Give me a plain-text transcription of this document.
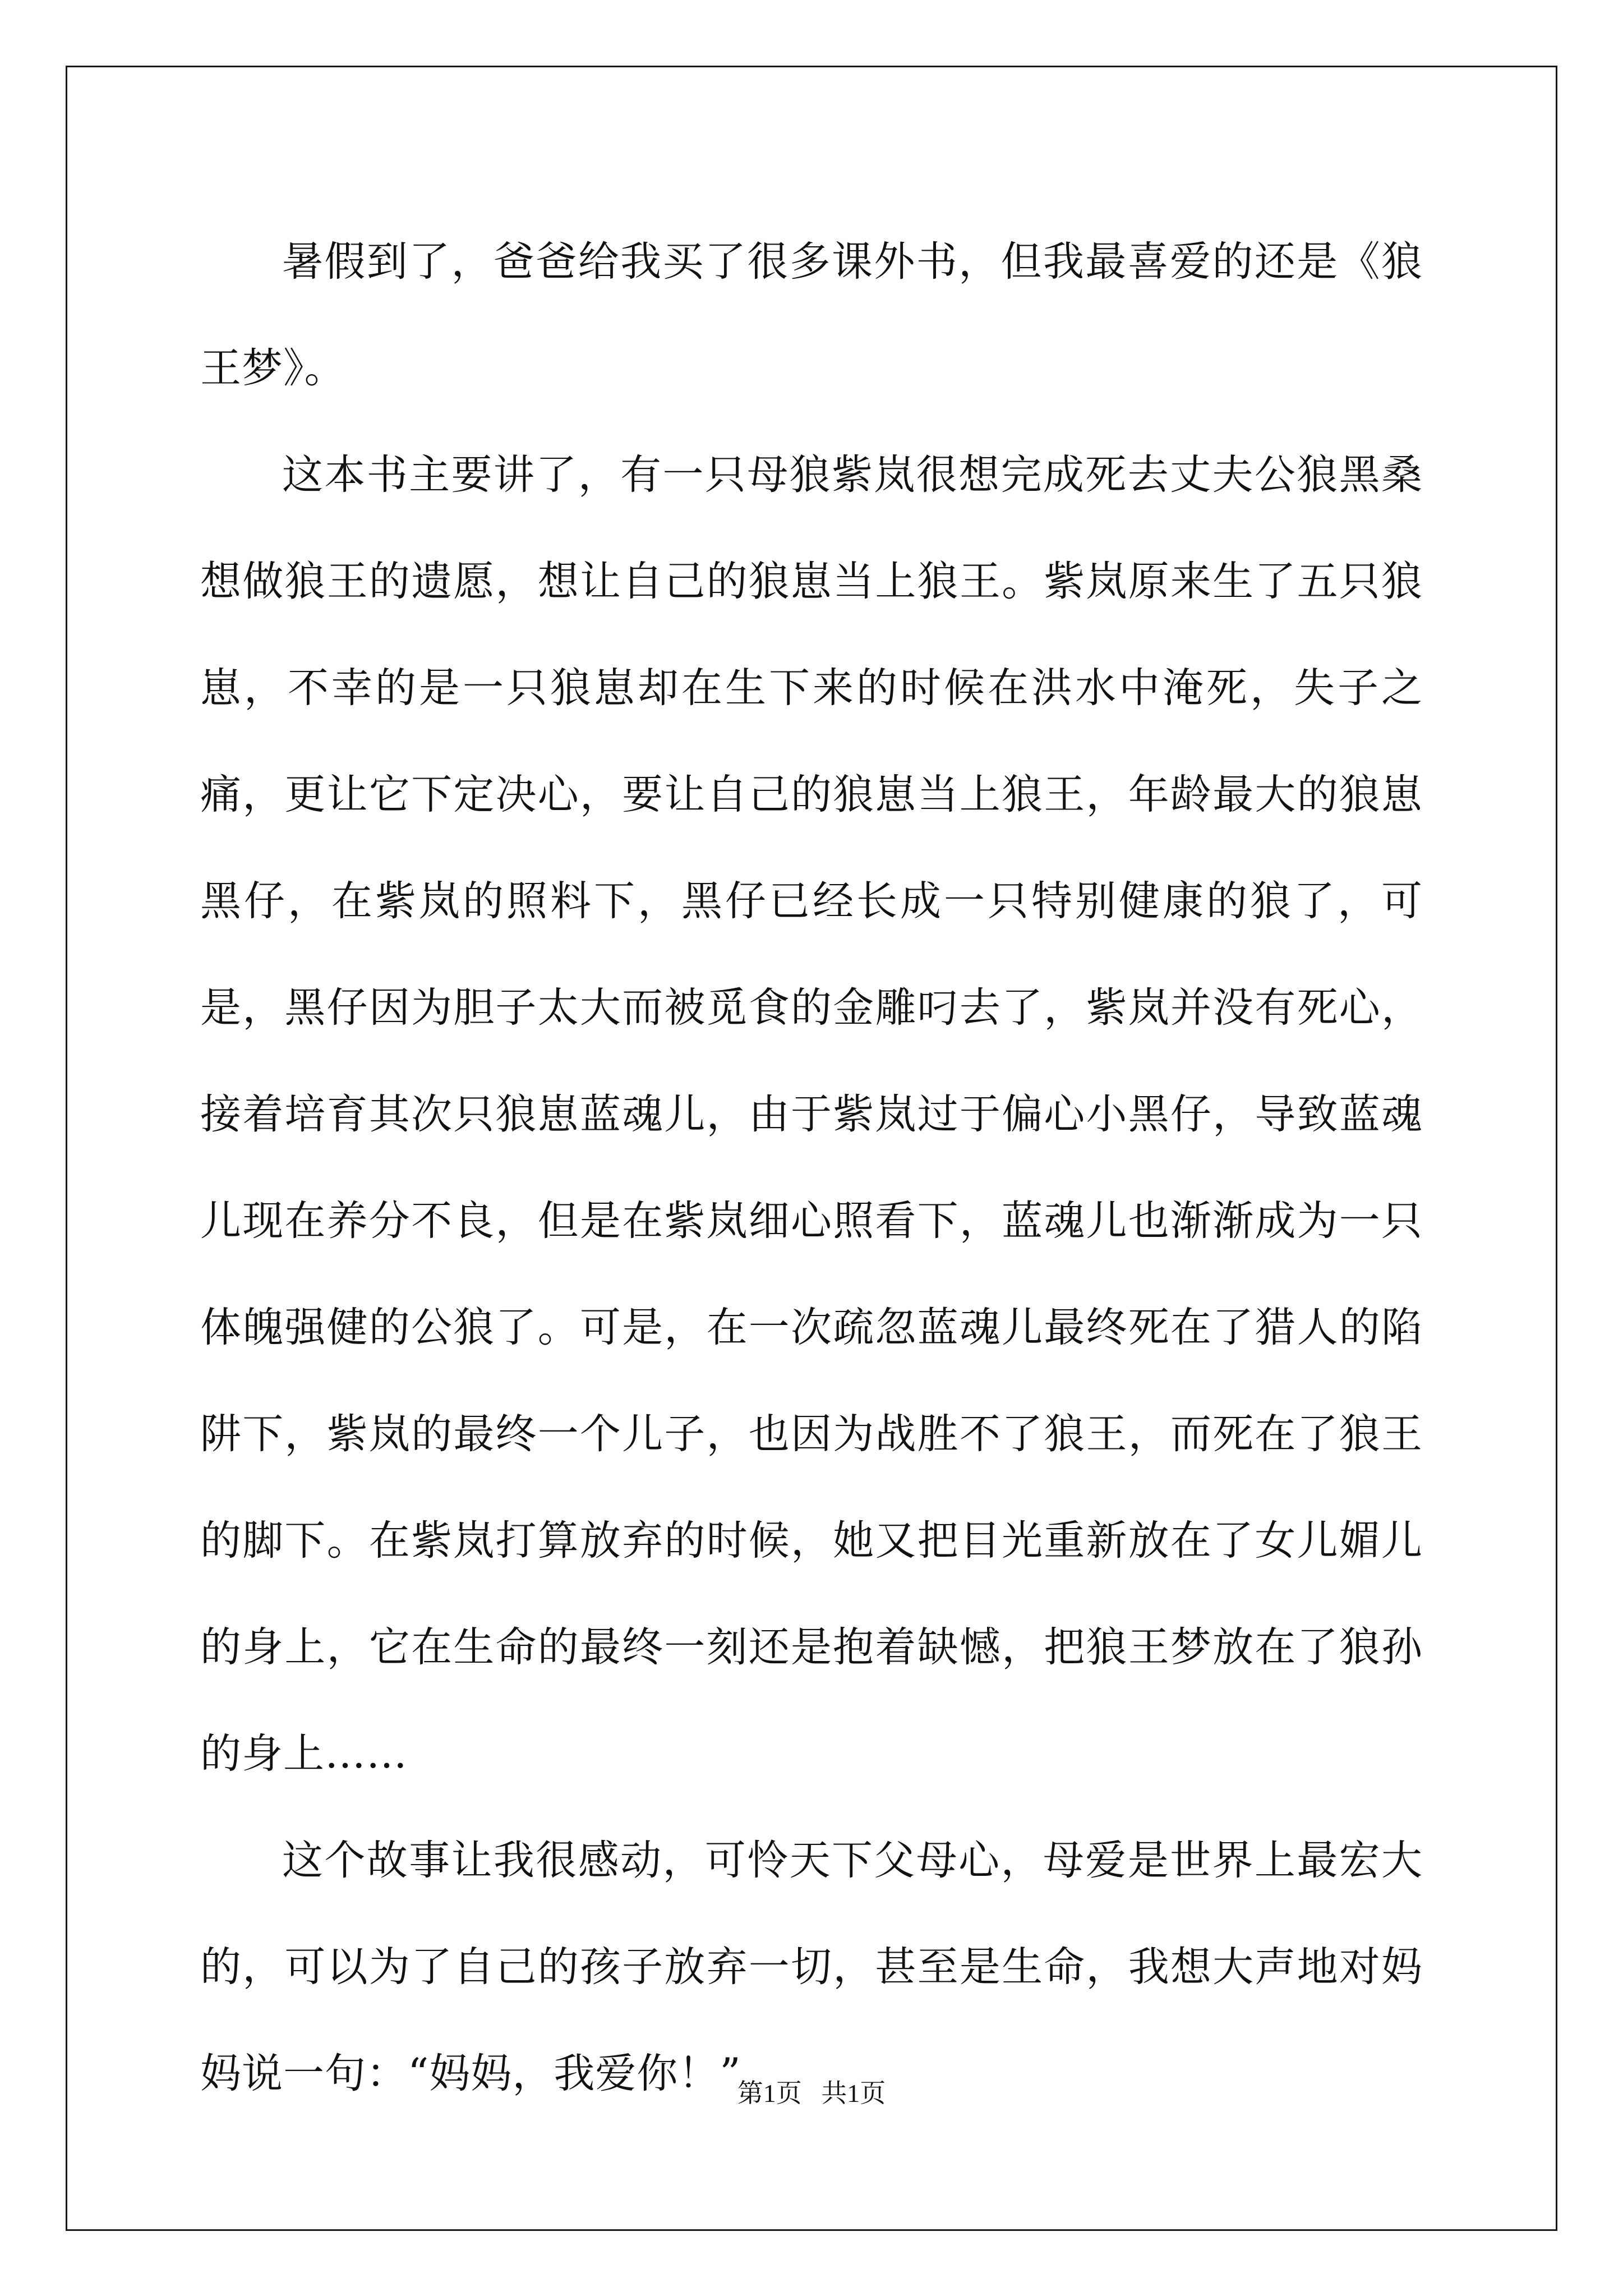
暑假到了，爸爸给我买了很多课外书，但我最喜爱的还是《狼王梦》。

这本书主要讲了，有一只母狼紫岚很想完成死去丈夫公狼黑桑想做狼王的遗愿，想让自己的狼崽当上狼王。紫岚原来生了五只狼崽，不幸的是一只狼崽却在生下来的时候在洪水中淹死，失子之痛，更让它下定决心，要让自己的狼崽当上狼王，年龄最大的狼崽黑仔，在紫岚的照料下，黑仔已经长成一只特别健康的狼了，可是，黑仔因为胆子太大而被觅食的金雕叼去了，紫岚并没有死心，接着培育其次只狼崽蓝魂儿，由于紫岚过于偏心小黑仔，导致蓝魂儿现在养分不良，但是在紫岚细心照看下，蓝魂儿也渐渐成为一只体魄强健的公狼了。可是，在一次疏忽蓝魂儿最终死在了猎人的陷阱下，紫岚的最终一个儿子，也因为战胜不了狼王，而死在了狼王的脚下。在紫岚打算放弃的时候，她又把目光重新放在了女儿媚儿的身上，它在生命的最终一刻还是抱着缺憾，把狼王梦放在了狼孙的身上……

这个故事让我很感动，可怜天下父母心，母爱是世界上最宏大的，可以为了自己的孩子放弃一切，甚至是生命，我想大声地对妈妈说一句：“妈妈，我爱你！”

第1页   共1页
